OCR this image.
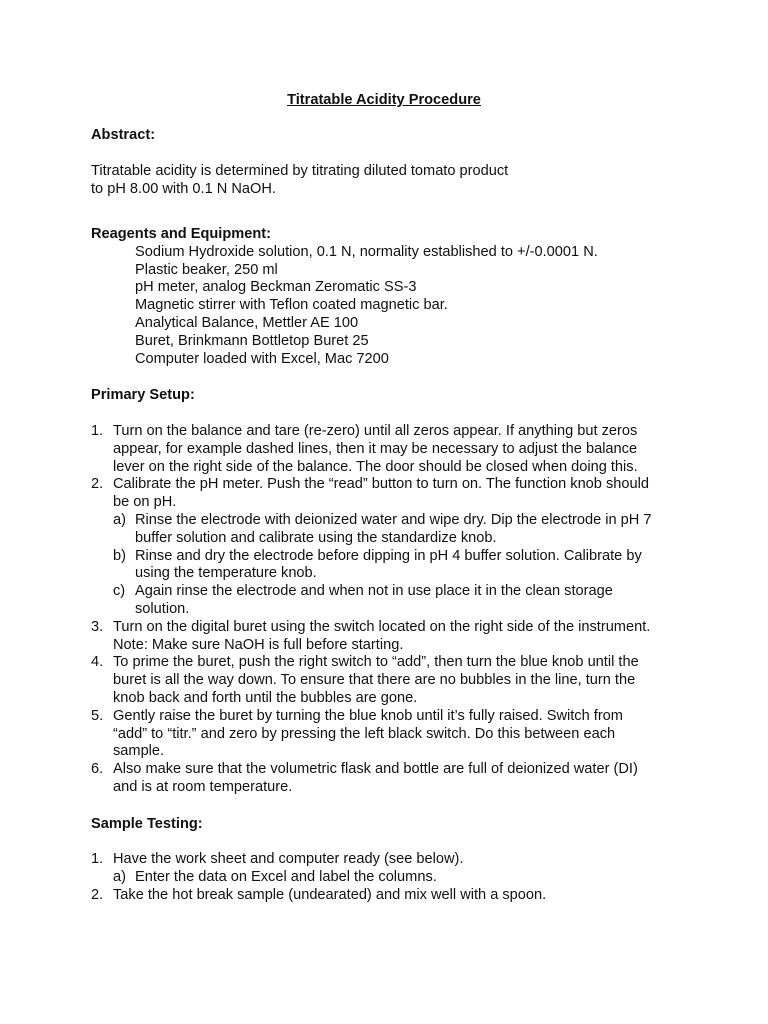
Titratable Acidity Procedure
Abstract:
Titratable acidity is determined by titrating diluted tomato product
to pH 8.00 with 0.1 N NaOH.
Reagents and Equipment:
Sodium Hydroxide solution, 0.1 N, normality established to +/-0.0001 N.
Plastic beaker, 250 ml
pH meter, analog Beckman Zeromatic SS-3
Magnetic stirrer with Teflon coated magnetic bar.
Analytical Balance, Mettler AE 100
Buret, Brinkmann Bottletop Buret 25
Computer loaded with Excel, Mac 7200
Primary Setup:
1. Turn on the balance and tare (re-zero) until all zeros appear. If anything but zeros
appear, for example dashed lines, then it may be necessary to adjust the balance
lever on the right side of the balance. The door should be closed when doing this.
2. Calibrate the pH meter. Push the “read” button to turn on. The function knob should
be on pH.
a) Rinse the electrode with deionized water and wipe dry. Dip the electrode in pH 7
buffer solution and calibrate using the standardize knob.
b) Rinse and dry the electrode before dipping in pH 4 buffer solution. Calibrate by
using the temperature knob.
c) Again rinse the electrode and when not in use place it in the clean storage
solution.
3. Turn on the digital buret using the switch located on the right side of the instrument.
Note: Make sure NaOH is full before starting.
4. To prime the buret, push the right switch to “add”, then turn the blue knob until the
buret is all the way down. To ensure that there are no bubbles in the line, turn the
knob back and forth until the bubbles are gone.
5. Gently raise the buret by turning the blue knob until it’s fully raised. Switch from
“add” to “titr.” and zero by pressing the left black switch. Do this between each
sample.
6. Also make sure that the volumetric flask and bottle are full of deionized water (DI)
and is at room temperature.
Sample Testing:
1. Have the work sheet and computer ready (see below).
a) Enter the data on Excel and label the columns.
2. Take the hot break sample (undearated) and mix well with a spoon.
